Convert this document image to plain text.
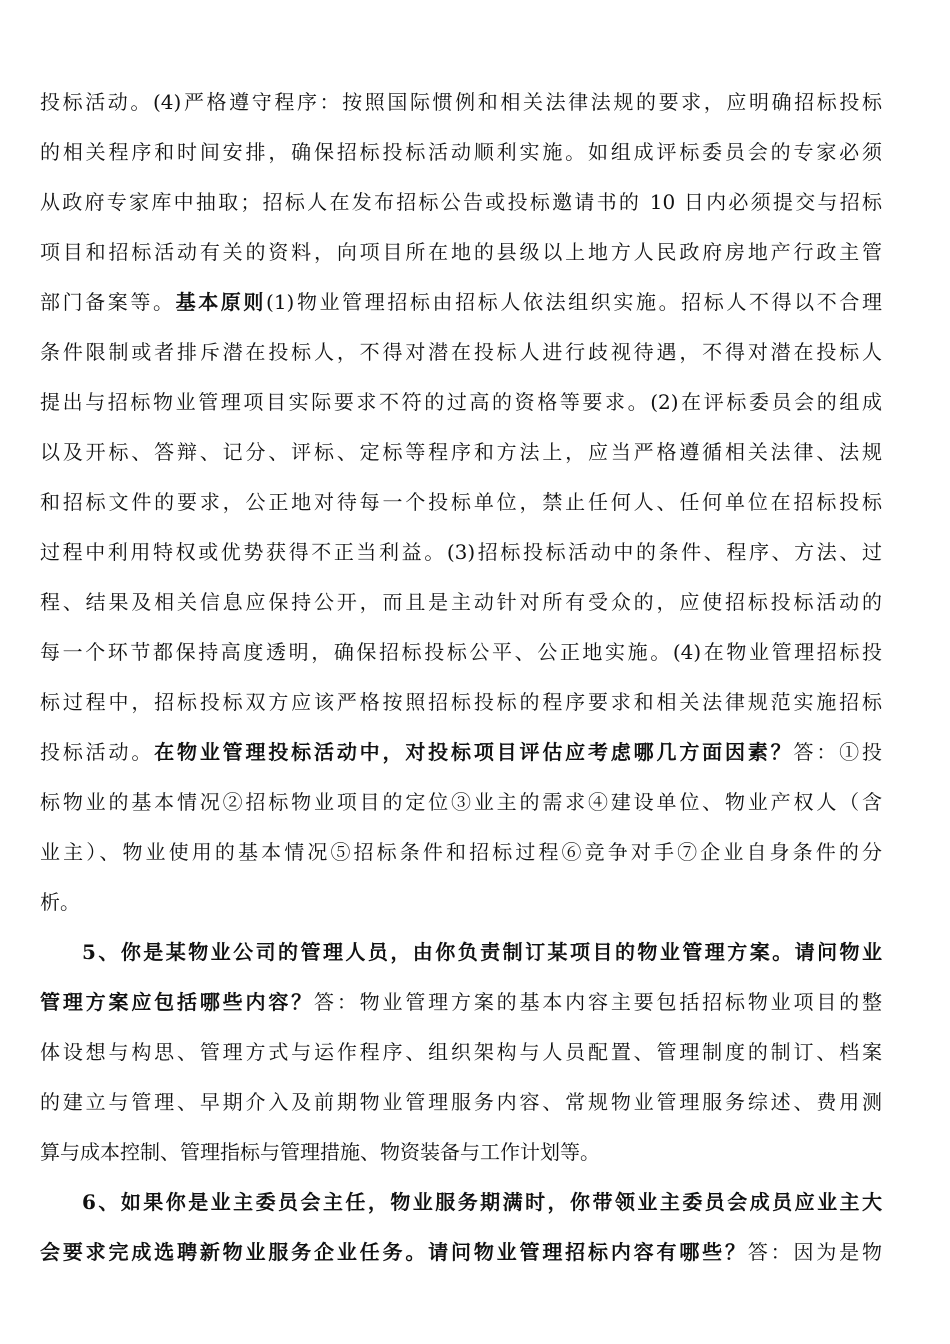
投标活动。(4)严格遵守程序：按照国际惯例和相关法律法规的要求，应明确招标投标
的相关程序和时间安排，确保招标投标活动顺利实施。如组成评标委员会的专家必须
从政府专家库中抽取；招标人在发布招标公告或投标邀请书的 10 日内必须提交与招标
项目和招标活动有关的资料，向项目所在地的县级以上地方人民政府房地产行政主管
部门备案等。基本原则(1)物业管理招标由招标人依法组织实施。招标人不得以不合理
条件限制或者排斥潜在投标人，不得对潜在投标人进行歧视待遇，不得对潜在投标人
提出与招标物业管理项目实际要求不符的过高的资格等要求。(2)在评标委员会的组成
以及开标、答辩、记分、评标、定标等程序和方法上，应当严格遵循相关法律、法规
和招标文件的要求，公正地对待每一个投标单位，禁止任何人、任何单位在招标投标
过程中利用特权或优势获得不正当利益。(3)招标投标活动中的条件、程序、方法、过
程、结果及相关信息应保持公开，而且是主动针对所有受众的，应使招标投标活动的
每一个环节都保持高度透明，确保招标投标公平、公正地实施。(4)在物业管理招标投
标过程中，招标投标双方应该严格按照招标投标的程序要求和相关法律规范实施招标
投标活动。在物业管理投标活动中，对投标项目评估应考虑哪几方面因素？答：①投
标物业的基本情况②招标物业项目的定位③业主的需求④建设单位、物业产权人（含
业主）、物业使用的基本情况⑤招标条件和招标过程⑥竞争对手⑦企业自身条件的分
析。
5、你是某物业公司的管理人员，由你负责制订某项目的物业管理方案。请问物业
管理方案应包括哪些内容？答：物业管理方案的基本内容主要包括招标物业项目的整
体设想与构思、管理方式与运作程序、组织架构与人员配置、管理制度的制订、档案
的建立与管理、早期介入及前期物业管理服务内容、常规物业管理服务综述、费用测
算与成本控制、管理指标与管理措施、物资装备与工作计划等。
6、如果你是业主委员会主任，物业服务期满时，你带领业主委员会成员应业主大
会要求完成选聘新物业服务企业任务。请问物业管理招标内容有哪些？答：因为是物
